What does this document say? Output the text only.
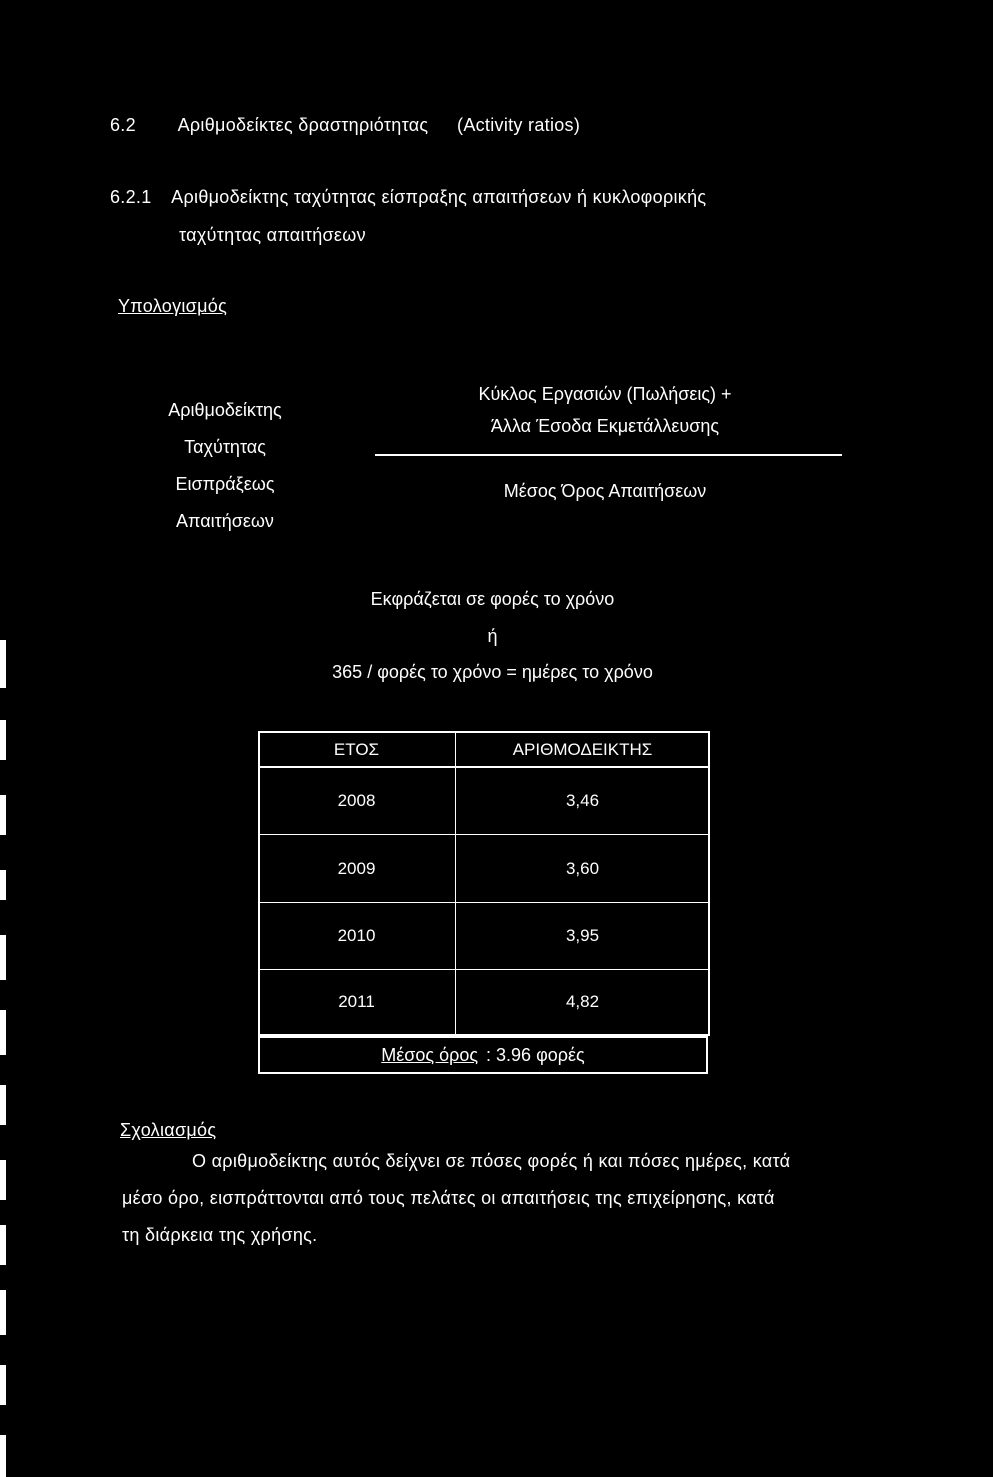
6.2 Αριθμοδείκτες δραστηριότητας (Activity ratios)
6.2.1 Αριθμοδείκτης ταχύτητας είσπραξης απαιτήσεων ή κυκλοφορικής
ταχύτητας απαιτήσεων
Υπολογισμός
Αριθμοδείκτης
Ταχύτητας
Εισπράξεως
Απαιτήσεων
Κύκλος Εργασιών (Πωλήσεις) +
Άλλα Έσοδα Εκμετάλλευσης
Μέσος Όρος Απαιτήσεων
Εκφράζεται σε φορές το χρόνο
ή
365 / φορές το χρόνο = ημέρες το χρόνο
ΕΤΟΣ	ΑΡΙΘΜΟΔΕΙΚΤΗΣ
2008	3,46
2009	3,60
2010	3,95
2011	4,82
Μέσος όρος : 3.96 φορές
Σχολιασμός
Ο αριθμοδείκτης αυτός δείχνει σε πόσες φορές ή και πόσες ημέρες, κατά
μέσο όρο, εισπράττονται από τους πελάτες οι απαιτήσεις της επιχείρησης, κατά
τη διάρκεια της χρήσης.
